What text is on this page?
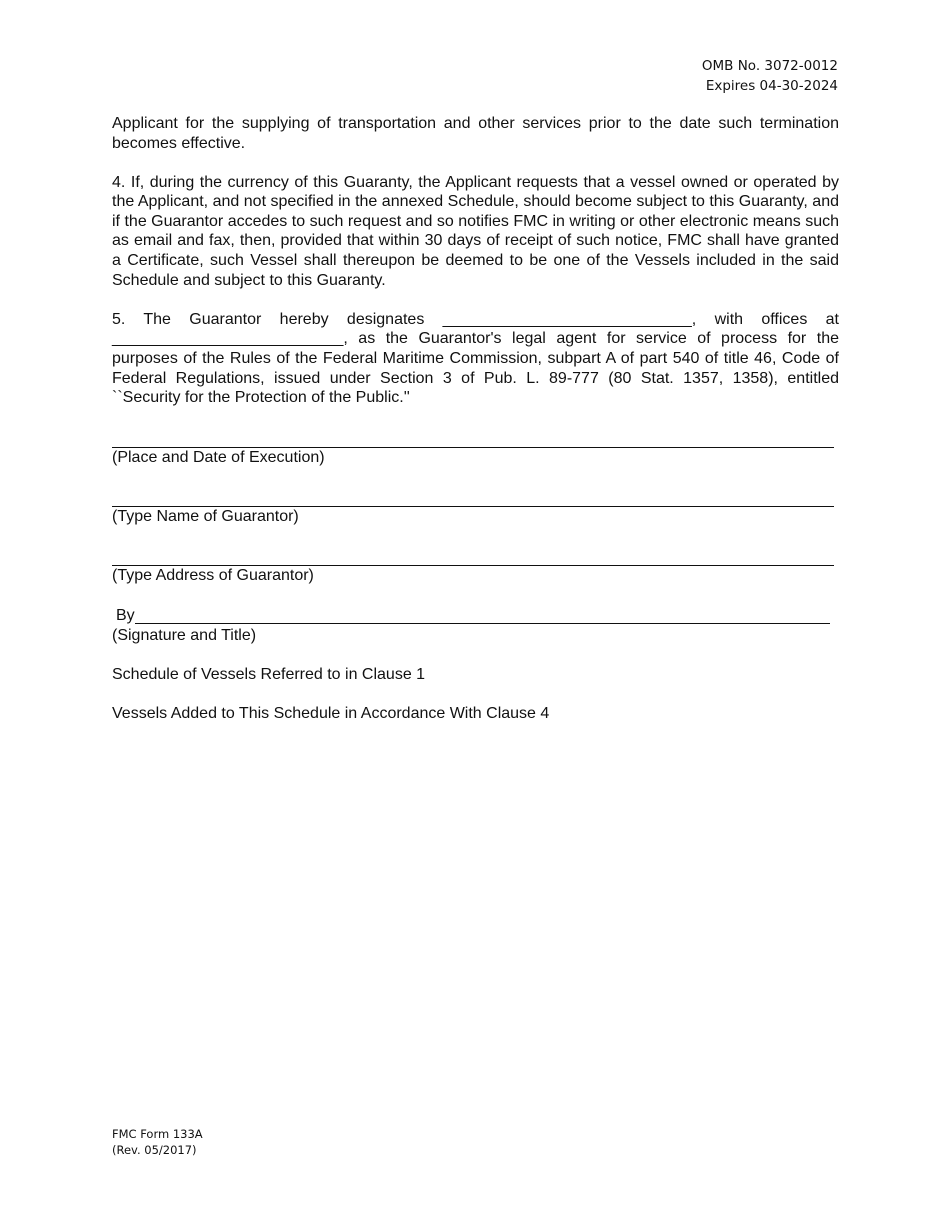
OMB No. 3072-0012
Expires 04-30-2024

Applicant for the supplying of transportation and other services prior to the date such termination becomes effective.

4. If, during the currency of this Guaranty, the Applicant requests that a vessel owned or operated by the Applicant, and not specified in the annexed Schedule, should become subject to this Guaranty, and if the Guarantor accedes to such request and so notifies FMC in writing or other electronic means such as email and fax, then, provided that within 30 days of receipt of such notice, FMC shall have granted a Certificate, such Vessel shall thereupon be deemed to be one of the Vessels included in the said Schedule and subject to this Guaranty.

5. The Guarantor hereby designates ____________________________, with offices at __________________________, as the Guarantor's legal agent for service of process for the purposes of the Rules of the Federal Maritime Commission, subpart A of part 540 of title 46, Code of Federal Regulations, issued under Section 3 of Pub. L. 89-777 (80 Stat. 1357, 1358), entitled ``Security for the Protection of the Public.''

(Place and Date of Execution)
(Type Name of Guarantor)
(Type Address of Guarantor)
By
(Signature and Title)
Schedule of Vessels Referred to in Clause 1
Vessels Added to This Schedule in Accordance With Clause 4
FMC Form 133A
(Rev. 05/2017)
